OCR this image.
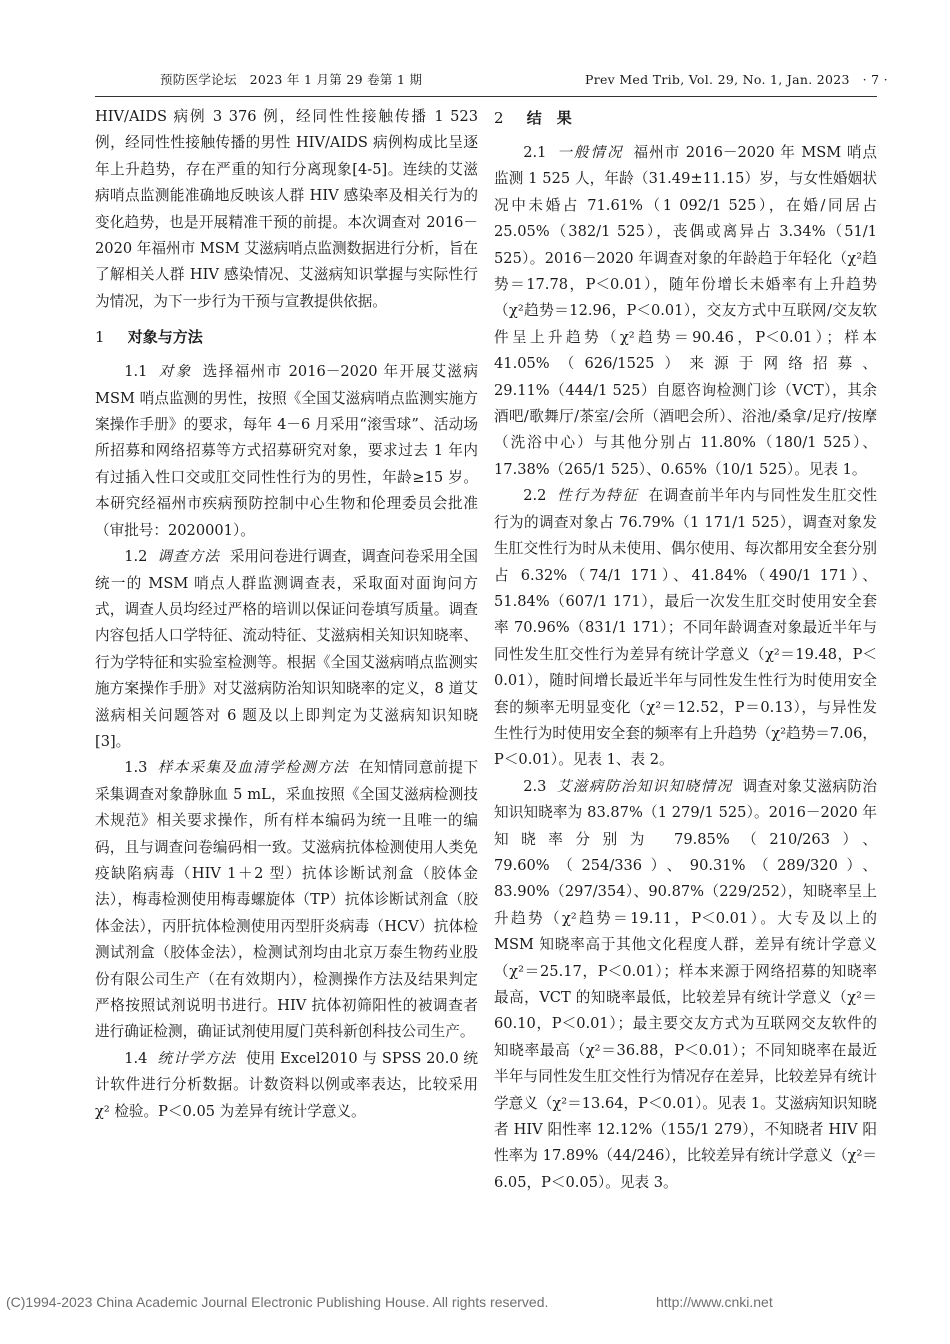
预防医学论坛　2023 年 1 月第 29 卷第 1 期	Prev Med Trib, Vol. 29, No. 1, Jan. 2023　· 7 ·

HIV/AIDS 病例 3 376 例，经同性性接触传播 1 523 例，经同性性接触传播的男性 HIV/AIDS 病例构成比呈逐年上升趋势，存在严重的知行分离现象[4-5]。连续的艾滋病哨点监测能准确地反映该人群 HIV 感染率及相关行为的变化趋势，也是开展精准干预的前提。本次调查对 2016－2020 年福州市 MSM 艾滋病哨点监测数据进行分析，旨在了解相关人群 HIV 感染情况、艾滋病知识掌握与实际性行为情况，为下一步行为干预与宣教提供依据。

1 对象与方法

1.1 对象 选择福州市 2016－2020 年开展艾滋病 MSM 哨点监测的男性，按照《全国艾滋病哨点监测实施方案操作手册》的要求，每年 4－6 月采用“滚雪球”、活动场所招募和网络招募等方式招募研究对象，要求过去 1 年内有过插入性口交或肛交同性性行为的男性，年龄≥15 岁。本研究经福州市疾病预防控制中心生物和伦理委员会批准（审批号：2020001）。

1.2 调查方法 采用问卷进行调查，调查问卷采用全国统一的 MSM 哨点人群监测调查表，采取面对面询问方式，调查人员均经过严格的培训以保证问卷填写质量。调查内容包括人口学特征、流动特征、艾滋病相关知识知晓率、行为学特征和实验室检测等。根据《全国艾滋病哨点监测实施方案操作手册》对艾滋病防治知识知晓率的定义，8 道艾滋病相关问题答对 6 题及以上即判定为艾滋病知识知晓[3]。

1.3 样本采集及血清学检测方法 在知情同意前提下采集调查对象静脉血 5 mL，采血按照《全国艾滋病检测技术规范》相关要求操作，所有样本编码为统一且唯一的编码，且与调查问卷编码相一致。艾滋病抗体检测使用人类免疫缺陷病毒（HIV 1＋2 型）抗体诊断试剂盒（胶体金法），梅毒检测使用梅毒螺旋体（TP）抗体诊断试剂盒（胶体金法），丙肝抗体检测使用丙型肝炎病毒（HCV）抗体检测试剂盒（胶体金法），检测试剂均由北京万泰生物药业股份有限公司生产（在有效期内），检测操作方法及结果判定严格按照试剂说明书进行。HIV 抗体初筛阳性的被调查者进行确证检测，确证试剂使用厦门英科新创科技公司生产。

1.4 统计学方法 使用 Excel2010 与 SPSS 20.0 统计软件进行分析数据。计数资料以例或率表达，比较采用 χ² 检验。P＜0.05 为差异有统计学意义。

2 结　果

2.1 一般情况 福州市 2016－2020 年 MSM 哨点监测 1 525 人，年龄（31.49±11.15）岁，与女性婚姻状况中未婚占 71.61%（1 092/1 525），在婚/同居占 25.05%（382/1 525），丧偶或离异占 3.34%（51/1 525）。2016－2020 年调查对象的年龄趋于年轻化（χ²趋势＝17.78，P＜0.01），随年份增长未婚率有上升趋势（χ²趋势＝12.96，P＜0.01），交友方式中互联网/交友软件呈上升趋势（χ²趋势＝90.46，P＜0.01）；样本 41.05%（626/1525）来源于网络招募、29.11%（444/1 525）自愿咨询检测门诊（VCT），其余酒吧/歌舞厅/茶室/会所（酒吧会所）、浴池/桑拿/足疗/按摩（洗浴中心）与其他分别占 11.80%（180/1 525）、17.38%（265/1 525）、0.65%（10/1 525）。见表 1。

2.2 性行为特征 在调查前半年内与同性发生肛交性行为的调查对象占 76.79%（1 171/1 525），调查对象发生肛交性行为时从未使用、偶尔使用、每次都用安全套分别占 6.32%（74/1 171）、41.84%（490/1 171）、51.84%（607/1 171），最后一次发生肛交时使用安全套率 70.96%（831/1 171）；不同年龄调查对象最近半年与同性发生肛交性行为差异有统计学意义（χ²＝19.48，P＜0.01），随时间增长最近半年与同性发生性行为时使用安全套的频率无明显变化（χ²＝12.52，P＝0.13），与异性发生性行为时使用安全套的频率有上升趋势（χ²趋势＝7.06，P＜0.01）。见表 1、表 2。

2.3 艾滋病防治知识知晓情况 调查对象艾滋病防治知识知晓率为 83.87%（1 279/1 525）。2016－2020 年知晓率分别为 79.85%（210/263）、79.60%（254/336）、90.31%（289/320）、83.90%（297/354）、90.87%（229/252），知晓率呈上升趋势（χ²趋势＝19.11，P＜0.01）。大专及以上的 MSM 知晓率高于其他文化程度人群，差异有统计学意义（χ²＝25.17，P＜0.01）；样本来源于网络招募的知晓率最高，VCT 的知晓率最低，比较差异有统计学意义（χ²＝60.10，P＜0.01）；最主要交友方式为互联网交友软件的知晓率最高（χ²＝36.88，P＜0.01）；不同知晓率在最近半年与同性发生肛交性行为情况存在差异，比较差异有统计学意义（χ²＝13.64，P＜0.01）。见表 1。艾滋病知识知晓者 HIV 阳性率 12.12%（155/1 279），不知晓者 HIV 阳性率为 17.89%（44/246），比较差异有统计学意义（χ²＝6.05，P＜0.05）。见表 3。

(C)1994-2023 China Academic Journal Electronic Publishing House. All rights reserved.	http://www.cnki.net
